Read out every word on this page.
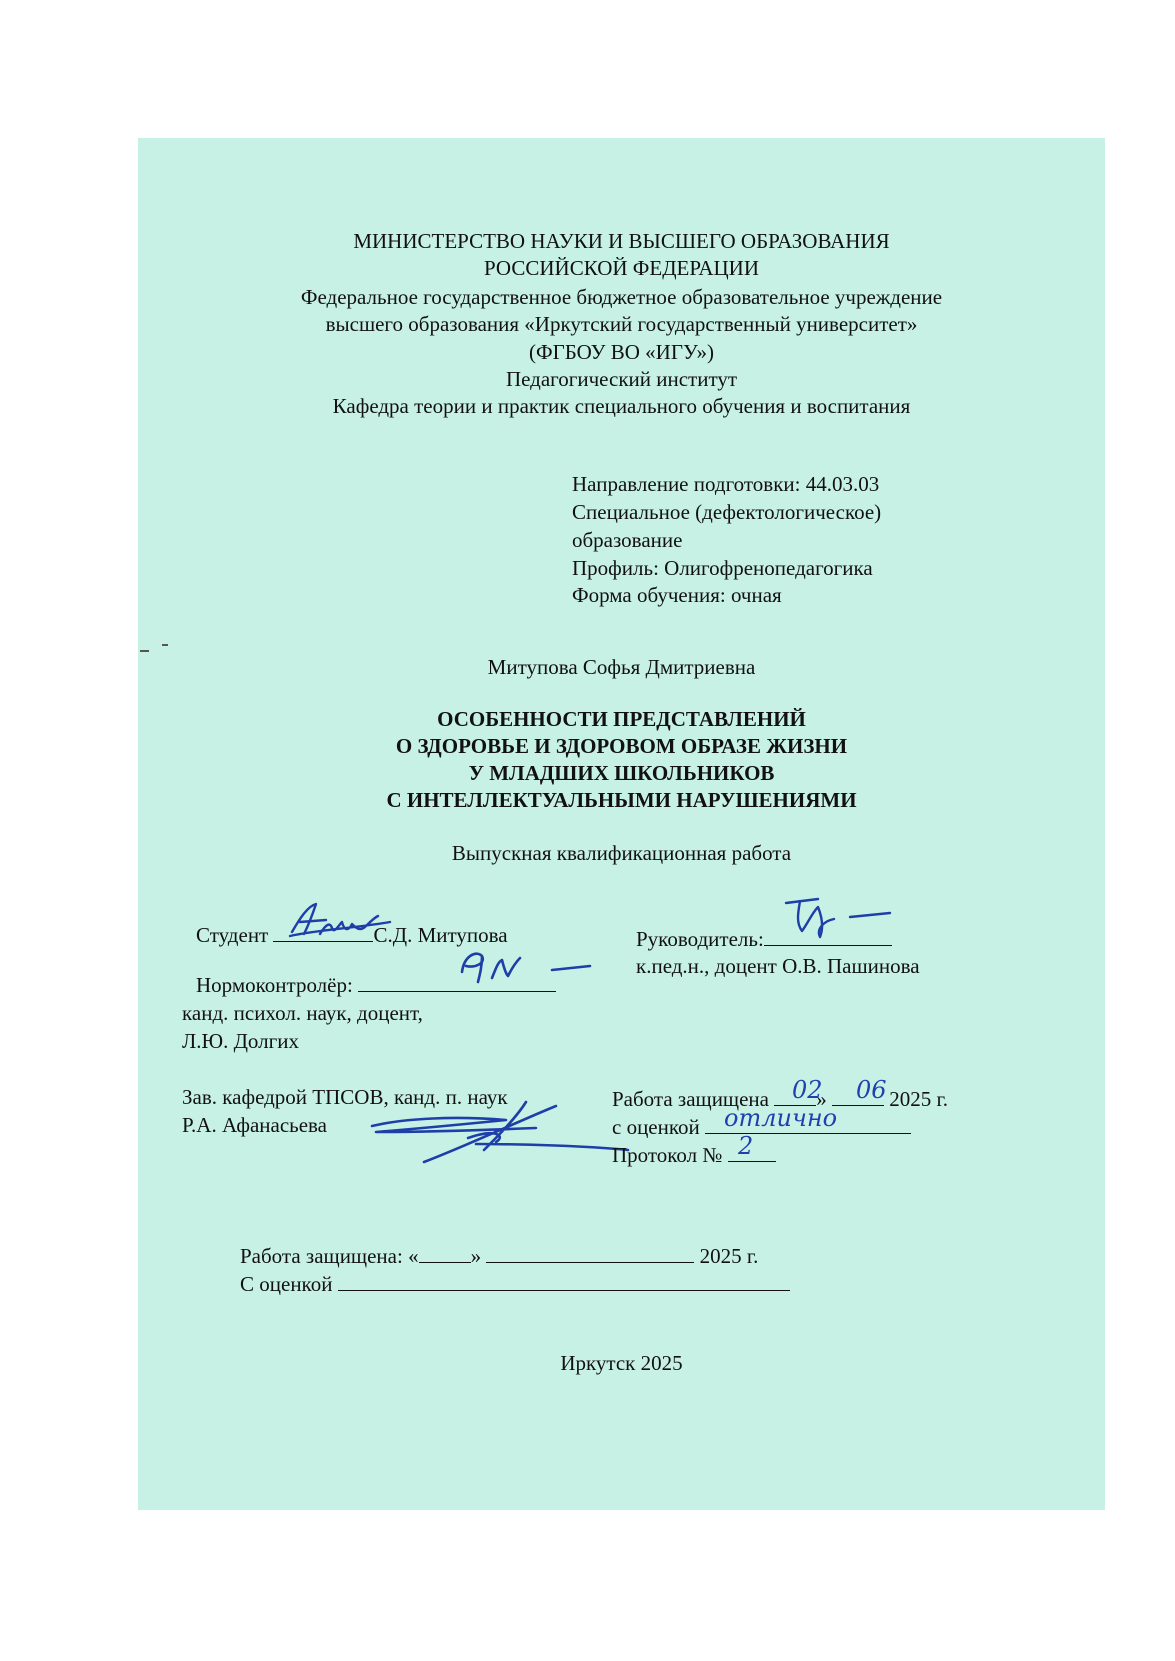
МИНИСТЕРСТВО НАУКИ И ВЫСШЕГО ОБРАЗОВАНИЯ
РОССИЙСКОЙ ФЕДЕРАЦИИ
Федеральное государственное бюджетное образовательное учреждение
высшего образования «Иркутский государственный университет»
(ФГБОУ ВО «ИГУ»)
Педагогический институт
Кафедра теории и практик специального обучения и воспитания
Направление подготовки: 44.03.03
Специальное (дефектологическое)
образование
Профиль: Олигофренопедагогика
Форма обучения: очная
Митупова Софья Дмитриевна
ОСОБЕННОСТИ ПРЕДСТАВЛЕНИЙ
О ЗДОРОВЬЕ И ЗДОРОВОМ ОБРАЗЕ ЖИЗНИ
У МЛАДШИХ ШКОЛЬНИКОВ
С ИНТЕЛЛЕКТУАЛЬНЫМИ НАРУШЕНИЯМИ
Выпускная квалификационная работа
Студент	С.Д. Митупова	Руководитель:
к.пед.н., доцент О.В. Пашинова
Нормоконтролёр:
канд. психол. наук, доцент,
Л.Ю. Долгих
Зав. кафедрой ТПСОВ, канд. п. наук
Р.А. Афанасьева
Работа защищена »	2025 г.
02 06
с оценкой	отлично
Протокол № 2
Работа защищена: « »	2025 г.
С оценкой
Иркутск 2025
